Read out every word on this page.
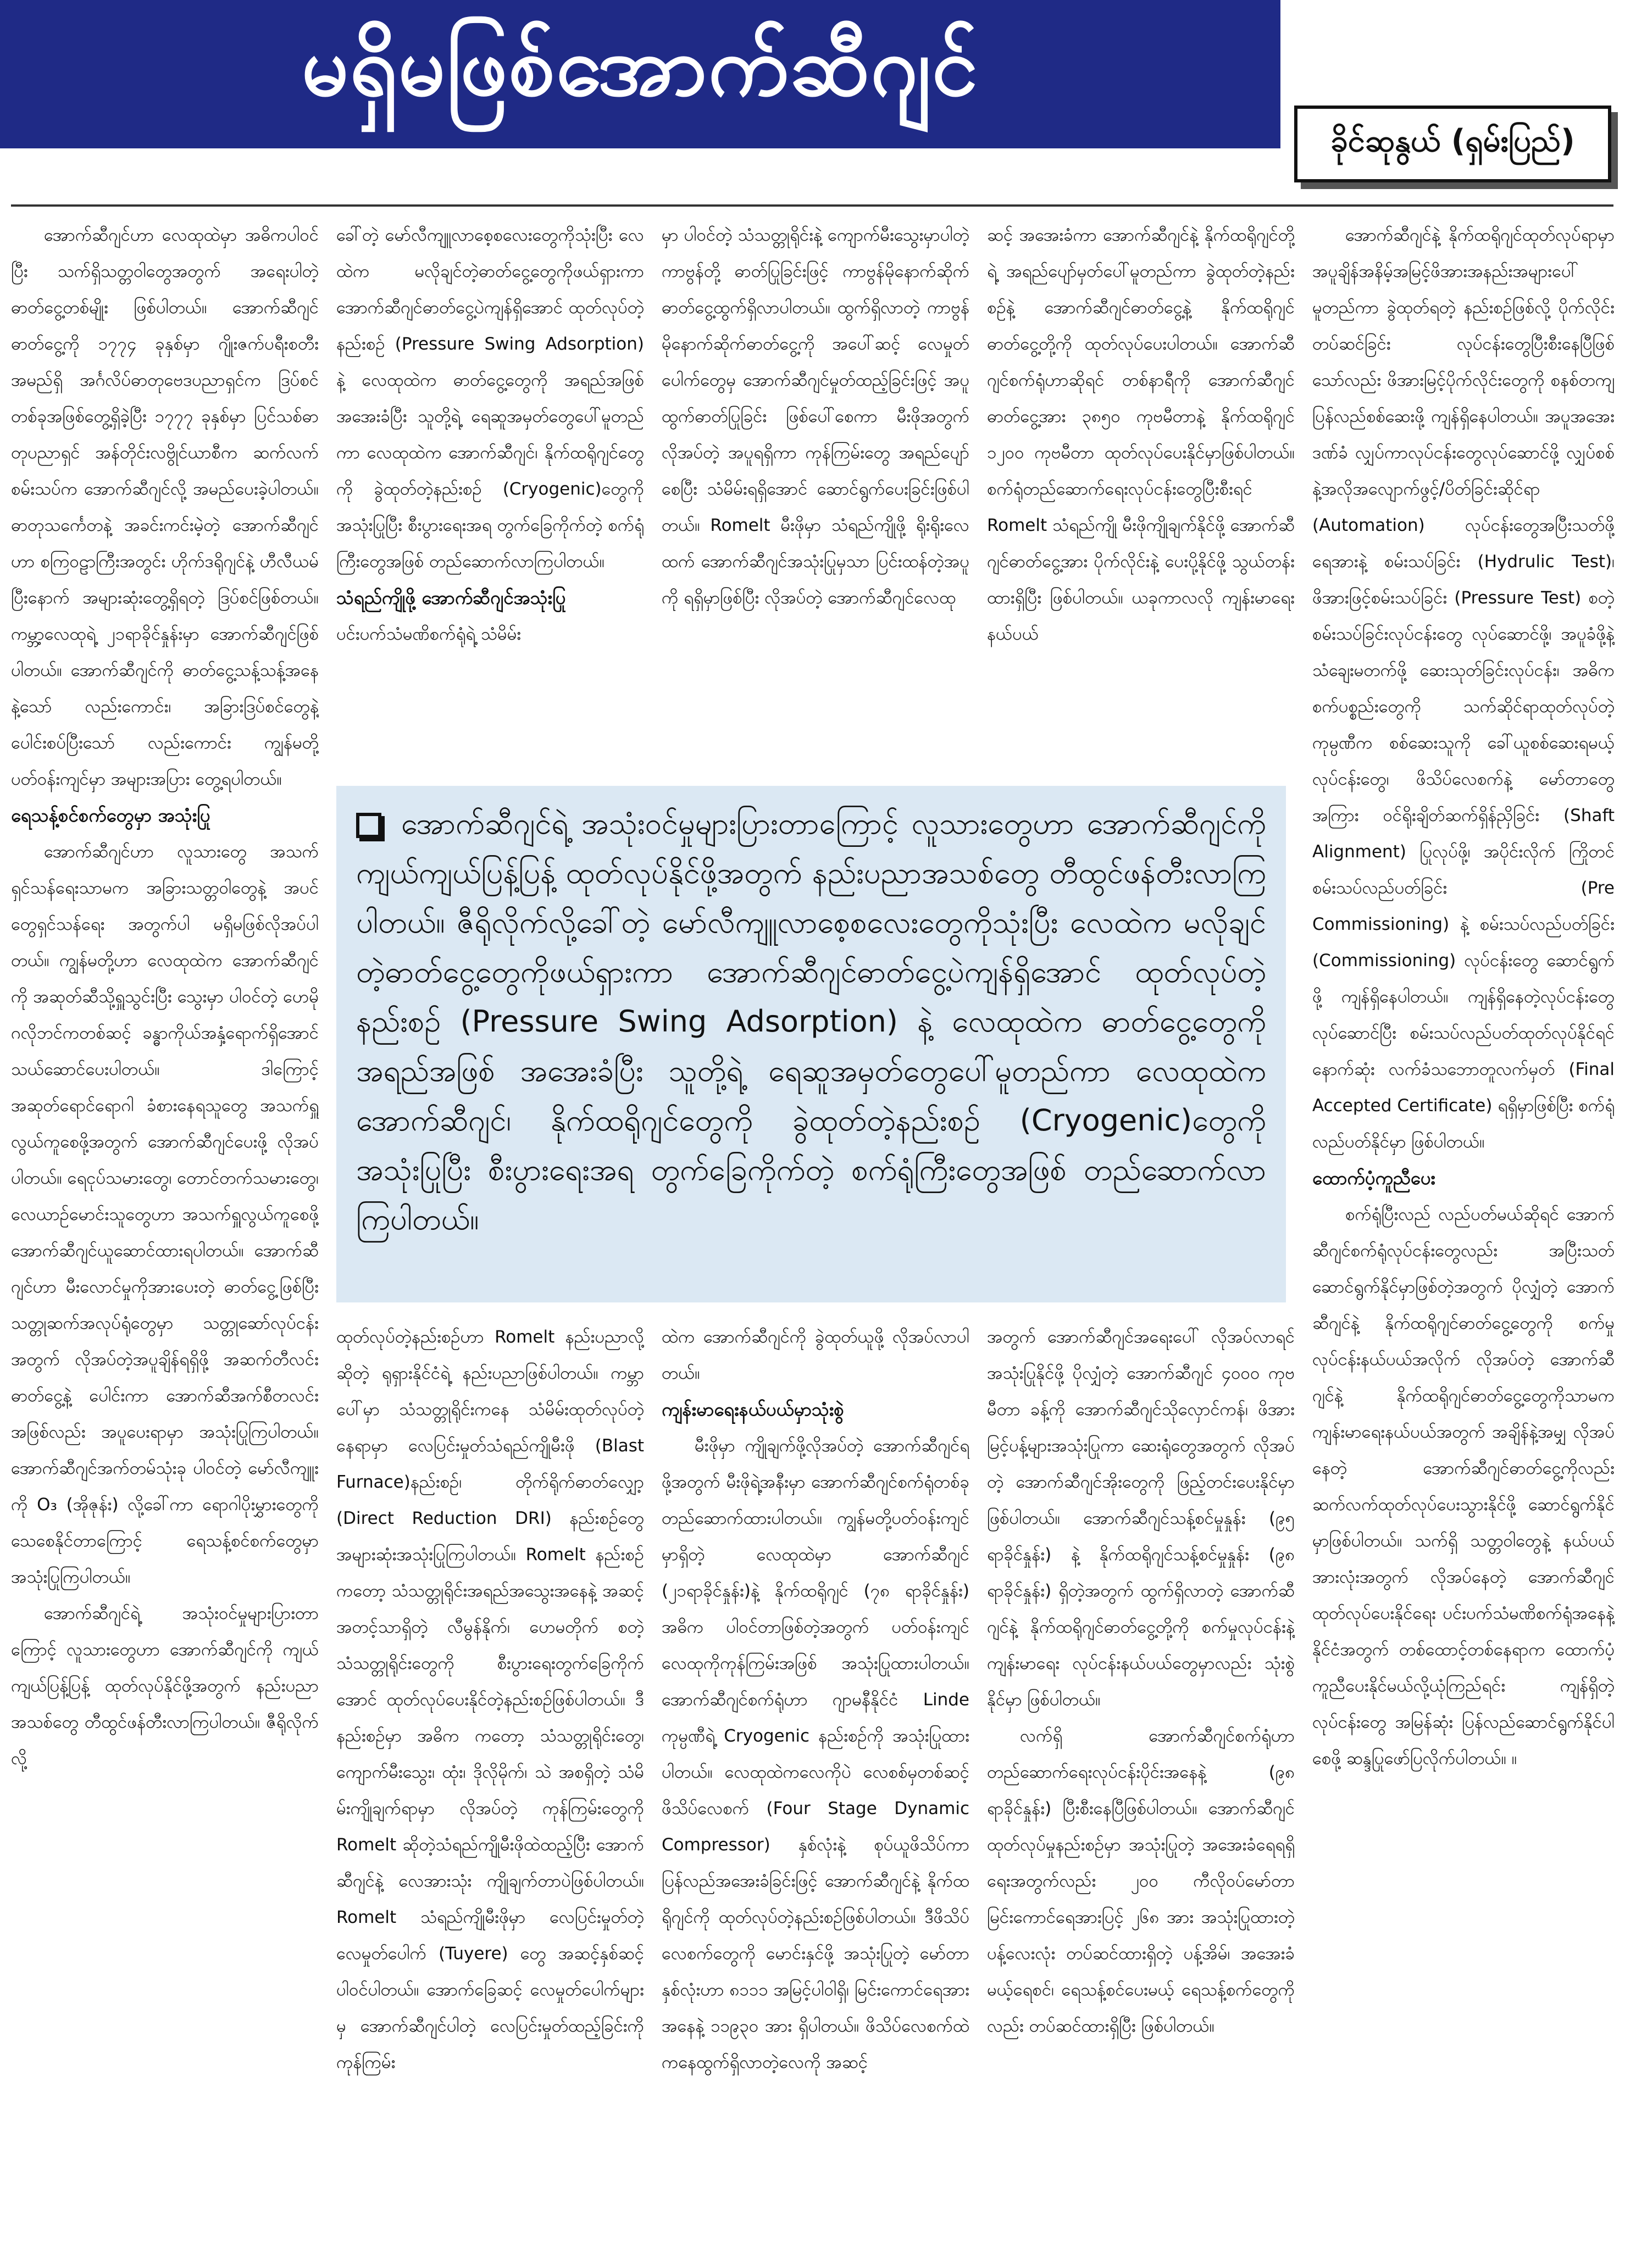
မရှိမဖြစ်အောက်ဆီဂျင်
ခိုင်ဆုနွယ် (ရှမ်းပြည်)

အောက်ဆီဂျင်ဟာ လေထုထဲမှာ အဓိကပါဝင်ပြီး သက်ရှိသတ္တဝါတွေအတွက် အရေးပါတဲ့ ဓာတ်ငွေ့တစ်မျိုး ဖြစ်ပါတယ်။ အောက်ဆီဂျင်ဓာတ်ငွေ့ကို ၁၇၇၄ ခုနှစ်မှာ ဂျိုးဇက်ပရီးစတီး အမည်ရှိ အင်္ဂလိပ်ဓာတုဗေဒပညာရှင်က ဒြပ်စင်တစ်ခုအဖြစ်တွေ့ရှိခဲ့ပြီး ၁၇၇၇ ခုနှစ်မှာ ပြင်သစ်ဓာတုပညာရှင် အန်တိုင်းလဗွိုင်ယာစီက ဆက်လက်စမ်းသပ်က အောက်ဆီဂျင်လို့ အမည်ပေးခဲ့ပါတယ်။ ဓာတုသင်္ကေတနဲ့ အခင်းကင်းမဲ့တဲ့ အောက်ဆီဂျင်ဟာ စကြဝဠာကြီးအတွင်း ဟိုက်ဒရိုဂျင်နဲ့ ဟီလီယမ်ပြီးနောက် အများဆုံးတွေ့ရှိရတဲ့ ဒြပ်စင်ဖြစ်တယ်။ ကမ္ဘာ့လေထုရဲ့ ၂၁ရာခိုင်နှုန်းမှာ အောက်ဆီဂျင်ဖြစ်ပါတယ်။ အောက်ဆီဂျင်ကို ဓာတ်ငွေ့သန့်သန့်အနေနဲ့သော် လည်းကောင်း၊ အခြားဒြပ်စင်တွေနဲ့ ပေါင်းစပ်ပြီးသော် လည်းကောင်း ကျွန်မတို့ပတ်ဝန်းကျင်မှာ အများအပြား တွေ့ရပါတယ်။

ရေသန့်စင်စက်တွေမှာ အသုံးပြု

အောက်ဆီဂျင်ဟာ လူသားတွေ အသက်ရှင်သန်ရေးသာမက အခြားသတ္တဝါတွေနဲ့ အပင်တွေရှင်သန်ရေး အတွက်ပါ မရှိမဖြစ်လိုအပ်ပါတယ်။ ကျွန်မတို့ဟာ လေထုထဲက အောက်ဆီဂျင်ကို အဆုတ်ဆီသို့ရှူသွင်းပြီး သွေးမှာ ပါဝင်တဲ့ ဟေမိုဂလိုဘင်ကတစ်ဆင့် ခန္ဓာကိုယ်အနှံ့ရောက်ရှိအောင် သယ်ဆောင်ပေးပါတယ်။ ဒါကြောင့် အဆုတ်ရောင်ရောဂါ ခံစားနေရသူတွေ အသက်ရှူလွယ်ကူစေဖို့အတွက် အောက်ဆီဂျင်ပေးဖို့ လိုအပ်ပါတယ်။ ရေငုပ်သမားတွေ၊ တောင်တက်သမားတွေ၊ လေယာဉ်မောင်းသူတွေဟာ အသက်ရှူလွယ်ကူစေဖို့ အောက်ဆီဂျင်ယူဆောင်ထားရပါတယ်။ အောက်ဆီဂျင်ဟာ မီးလောင်မှုကိုအားပေးတဲ့ ဓာတ်ငွေ့ဖြစ်ပြီး သတ္တုဆက်အလုပ်ရုံတွေမှာ သတ္တုဆော်လုပ်ငန်းအတွက် လိုအပ်တဲ့အပူချိန်ရရှိဖို့ အဆက်တီလင်းဓာတ်ငွေ့နဲ့ ပေါင်းကာ အောက်ဆီအက်စီတလင်းအဖြစ်လည်း အပူပေးရာမှာ အသုံးပြုကြပါတယ်။ အောက်ဆီဂျင်အက်တမ်သုံးခု ပါဝင်တဲ့ မော်လီကျူးကို O₃ (အိုဇုန်း) လို့ခေါ်ကာ ရောဂါပိုးမွှားတွေကို သေစေနိုင်တာကြောင့် ရေသန့်စင်စက်တွေမှာ အသုံးပြုကြပါတယ်။

အောက်ဆီဂျင်ရဲ့ အသုံးဝင်မှုများပြားတာကြောင့် လူသားတွေဟာ အောက်ဆီဂျင်ကို ကျယ်ကျယ်ပြန့်ပြန့် ထုတ်လုပ်နိုင်ဖို့အတွက် နည်းပညာအသစ်တွေ တီထွင်ဖန်တီးလာကြပါတယ်။ ဇီရိုလိုက်လို့

ခေါ်တဲ့ မော်လီကျူလာစေ့စလေးတွေကိုသုံးပြီး လေထဲက မလိုချင်တဲ့ဓာတ်ငွေ့တွေကိုဖယ်ရှားကာ အောက်ဆီဂျင်ဓာတ်ငွေ့ပဲကျန်ရှိအောင် ထုတ်လုပ်တဲ့နည်းစဉ် (Pressure Swing Adsorption) နဲ့ လေထုထဲက ဓာတ်ငွေ့တွေကို အရည်အဖြစ် အအေးခံပြီး သူတို့ရဲ့ ရေဆူအမှတ်တွေပေါ်မူတည်ကာ လေထုထဲက အောက်ဆီဂျင်၊ နိုက်ထရိုဂျင်တွေကို ခွဲထုတ်တဲ့နည်းစဉ် (Cryogenic)တွေကို အသုံးပြုပြီး စီးပွားရေးအရ တွက်ခြေကိုက်တဲ့ စက်ရုံကြီးတွေအဖြစ် တည်ဆောက်လာကြပါတယ်။

သံရည်ကျိုဖို့ အောက်ဆီဂျင်အသုံးပြု

ပင်းပက်သံမဏိစက်ရုံရဲ့ သံမိမ်း

မှာ ပါဝင်တဲ့ သံသတ္တုရိုင်းနဲ့ ကျောက်မီးသွေးမှာပါတဲ့ ကာဗွန်တို့ ဓာတ်ပြုခြင်းဖြင့် ကာဗွန်မိုနောက်ဆိုက် ဓာတ်ငွေ့ထွက်ရှိလာပါတယ်။ ထွက်ရှိလာတဲ့ ကာဗွန်မိုနောက်ဆိုက်ဓာတ်ငွေ့ကို အပေါ်ဆင့် လေမှုတ်ပေါက်တွေမှ အောက်ဆီဂျင်မှုတ်ထည့်ခြင်းဖြင့် အပူထွက်ဓာတ်ပြုခြင်း ဖြစ်ပေါ်စေကာ မီးဖိုအတွက် လိုအပ်တဲ့ အပူရရှိကာ ကုန်ကြမ်းတွေ အရည်ပျော်စေပြီး သံမိမ်းရရှိအောင် ဆောင်ရွက်ပေးခြင်းဖြစ်ပါတယ်။ Romelt မီးဖိုမှာ သံရည်ကျိုဖို့ ရိုးရိုးလေထက် အောက်ဆီဂျင်အသုံးပြုမှသာ ပြင်းထန်တဲ့အပူကို ရရှိမှာဖြစ်ပြီး လိုအပ်တဲ့ အောက်ဆီဂျင်လေထု

ဆင့် အအေးခံကာ အောက်ဆီဂျင်နဲ့ နိုက်ထရိုဂျင်တို့ရဲ့ အရည်ပျော်မှတ်ပေါ်မူတည်ကာ ခွဲထုတ်တဲ့နည်းစဉ်နဲ့ အောက်ဆီဂျင်ဓာတ်ငွေ့နဲ့ နိုက်ထရိုဂျင်ဓာတ်ငွေ့တို့ကို ထုတ်လုပ်ပေးပါတယ်။ အောက်ဆီဂျင်စက်ရုံဟာဆိုရင် တစ်နာရီကို အောက်ဆီဂျင်ဓာတ်ငွေ့အား ၃၈၅၀ ကုဗမီတာနဲ့ နိုက်ထရိုဂျင် ၁၂၀၀ ကုဗမီတာ ထုတ်လုပ်ပေးနိုင်မှာဖြစ်ပါတယ်။ စက်ရုံတည်ဆောက်ရေးလုပ်ငန်းတွေပြီးစီးရင် Romelt သံရည်ကျို မီးဖိုကျိုချက်နိုင်ဖို့ အောက်ဆီဂျင်ဓာတ်ငွေ့အား ပိုက်လိုင်းနဲ့ ပေးပို့နိုင်ဖို့ သွယ်တန်းထားရှိပြီး ဖြစ်ပါတယ်။ ယခုကာလလို ကျန်းမာရေးနယ်ပယ်

အောက်ဆီဂျင်နဲ့ နိုက်ထရိုဂျင်ထုတ်လုပ်ရာမှာ အပူချိန်အနိမ့်အမြင့်ဖိအားအနည်းအများပေါ် မူတည်ကာ ခွဲထုတ်ရတဲ့ နည်းစဉ်ဖြစ်လို့ ပိုက်လိုင်းတပ်ဆင်ခြင်း လုပ်ငန်းတွေပြီးစီးနေပြီဖြစ်သော်လည်း ဖိအားမြင့်ပိုက်လိုင်းတွေကို စနစ်တကျပြန်လည်စစ်ဆေးဖို့ ကျန်ရှိနေပါတယ်။ အပူအအေးဒဏ်ခံ လျှပ်ကာလုပ်ငန်းတွေလုပ်ဆောင်ဖို့ လျှပ်စစ်နဲ့အလိုအလျောက်ဖွင့်/ပိတ်ခြင်းဆိုင်ရာ (Automation) လုပ်ငန်းတွေအပြီးသတ်ဖို့ ရေအားနဲ့ စမ်းသပ်ခြင်း (Hydrulic Test)၊ ဖိအားဖြင့်စမ်းသပ်ခြင်း (Pressure Test) စတဲ့ စမ်းသပ်ခြင်းလုပ်ငန်းတွေ လုပ်ဆောင်ဖို့၊ အပူခံဖို့နဲ့ သံချေးမတက်ဖို့ ဆေးသုတ်ခြင်းလုပ်ငန်း၊ အဓိကစက်ပစ္စည်းတွေကို သက်ဆိုင်ရာထုတ်လုပ်တဲ့ကုမ္ပဏီက စစ်ဆေးသူကို ခေါ်ယူစစ်ဆေးရမယ့် လုပ်ငန်းတွေ၊ ဖိသိပ်လေစက်နဲ့ မော်တာတွေအကြား ဝင်ရိုးချိတ်ဆက်ရှိန်ညှိခြင်း (Shaft Alignment) ပြုလုပ်ဖို့၊ အပိုင်းလိုက် ကြိုတင် စမ်းသပ်လည်ပတ်ခြင်း (Pre Commissioning) နဲ့ စမ်းသပ်လည်ပတ်ခြင်း (Commissioning) လုပ်ငန်းတွေ ဆောင်ရွက်ဖို့ ကျန်ရှိနေပါတယ်။ ကျန်ရှိနေတဲ့လုပ်ငန်းတွေ လုပ်ဆောင်ပြီး စမ်းသပ်လည်ပတ်ထုတ်လုပ်နိုင်ရင် နောက်ဆုံး လက်ခံသဘောတူလက်မှတ် (Final Accepted Certificate) ရရှိမှာဖြစ်ပြီး စက်ရုံလည်ပတ်နိုင်မှာ ဖြစ်ပါတယ်။

ထောက်ပံ့ကူညီပေး

စက်ရုံပြီးလည် လည်ပတ်မယ်ဆိုရင် အောက်ဆီဂျင်စက်ရုံလုပ်ငန်းတွေလည်း အပြီးသတ်ဆောင်ရွက်နိုင်မှာဖြစ်တဲ့အတွက် ပိုလျှံတဲ့ အောက်ဆီဂျင်နဲ့ နိုက်ထရိုဂျင်ဓာတ်ငွေ့တွေကို စက်မှုလုပ်ငန်းနယ်ပယ်အလိုက် လိုအပ်တဲ့ အောက်ဆီဂျင်နဲ့ နိုက်ထရိုဂျင်ဓာတ်ငွေ့တွေကိုသာမက ကျန်းမာရေးနယ်ပယ်အတွက် အချိန်နဲ့အမျှ လိုအပ်နေတဲ့ အောက်ဆီဂျင်ဓာတ်ငွေ့ကိုလည်း ဆက်လက်ထုတ်လုပ်ပေးသွားနိုင်ဖို့ ဆောင်ရွက်နိုင်မှာဖြစ်ပါတယ်။ သက်ရှိ သတ္တဝါတွေနဲ့ နယ်ပယ်အားလုံးအတွက် လိုအပ်နေတဲ့ အောက်ဆီဂျင်ထုတ်လုပ်ပေးနိုင်ရေး ပင်းပက်သံမဏိစက်ရုံအနေနဲ့ နိုင်ငံအတွက် တစ်ထောင့်တစ်နေရာက ထောက်ပံ့ကူညီပေးနိုင်မယ်လို့ယုံကြည်ရင်း ကျန်ရှိတဲ့ လုပ်ငန်းတွေ အမြန်ဆုံး ပြန်လည်ဆောင်ရွက်နိုင်ပါစေဖို့ ဆန္ဒပြုဖော်ပြလိုက်ပါတယ်။ ။

အောက်ဆီဂျင်ရဲ့ အသုံးဝင်မှုများပြားတာကြောင့် လူသားတွေဟာ အောက်ဆီဂျင်ကို ကျယ်ကျယ်ပြန့်ပြန့် ထုတ်လုပ်နိုင်ဖို့အတွက် နည်းပညာအသစ်တွေ တီထွင်ဖန်တီးလာကြပါတယ်။ ဇီရိုလိုက်လို့ခေါ်တဲ့ မော်လီကျူလာစေ့စလေးတွေကိုသုံးပြီး လေထဲက မလိုချင်တဲ့ဓာတ်ငွေ့တွေကိုဖယ်ရှားကာ အောက်ဆီဂျင်ဓာတ်ငွေ့ပဲကျန်ရှိအောင် ထုတ်လုပ်တဲ့နည်းစဉ် (Pressure Swing Adsorption) နဲ့ လေထုထဲက ဓာတ်ငွေ့တွေကို အရည်အဖြစ် အအေးခံပြီး သူတို့ရဲ့ ရေဆူအမှတ်တွေပေါ်မူတည်ကာ လေထုထဲက အောက်ဆီဂျင်၊ နိုက်ထရိုဂျင်တွေကို ခွဲထုတ်တဲ့နည်းစဉ် (Cryogenic)တွေကို အသုံးပြုပြီး စီးပွားရေးအရ တွက်ခြေကိုက်တဲ့ စက်ရုံကြီးတွေအဖြစ် တည်ဆောက်လာကြပါတယ်။

ထုတ်လုပ်တဲ့နည်းစဉ်ဟာ Romelt နည်းပညာလို့ဆိုတဲ့ ရုရှားနိုင်ငံရဲ့ နည်းပညာဖြစ်ပါတယ်။ ကမ္ဘာပေါ်မှာ သံသတ္တုရိုင်းကနေ သံမိမ်းထုတ်လုပ်တဲ့နေရာမှာ လေပြင်းမှုတ်သံရည်ကျိုမီးဖို (Blast Furnace)နည်းစဉ်၊ တိုက်ရိုက်ဓာတ်လျှော့ (Direct Reduction DRI) နည်းစဉ်တွေ အများဆုံးအသုံးပြုကြပါတယ်။ Romelt နည်းစဉ်ကတော့ သံသတ္တုရိုင်းအရည်အသွေးအနေနဲ့ အဆင့်အတင့်သာရှိတဲ့ လီမွန်နိုက်၊ ဟေမတိုက် စတဲ့သံသတ္တုရိုင်းတွေကို စီးပွားရေးတွက်ခြေကိုက်အောင် ထုတ်လုပ်ပေးနိုင်တဲ့နည်းစဉ်ဖြစ်ပါတယ်။ ဒီနည်းစဉ်မှာ အဓိက ကတော့ သံသတ္တုရိုင်းတွေ၊ ကျောက်မီးသွေး၊ ထုံး၊ ဒိုလိုမိုက်၊ သဲ အစရှိတဲ့ သံမိမ်းကျိုချက်ရာမှာ လိုအပ်တဲ့ ကုန်ကြမ်းတွေကို Romelt ဆိုတဲ့သံရည်ကျိုမီးဖိုထဲထည့်ပြီး အောက်ဆီဂျင်နဲ့ လေအားသုံး ကျိုချက်တာပဲဖြစ်ပါတယ်။ Romelt သံရည်ကျိုမီးဖိုမှာ လေပြင်းမှုတ်တဲ့ လေမှုတ်ပေါက် (Tuyere) တွေ အဆင့်နှစ်ဆင့်ပါဝင်ပါတယ်။ အောက်ခြေဆင့် လေမှုတ်ပေါက်များမှ အောက်ဆီဂျင်ပါတဲ့ လေပြင်းမှုတ်ထည့်ခြင်းကို ကုန်ကြမ်း

ထဲက အောက်ဆီဂျင်ကို ခွဲထုတ်ယူဖို့ လိုအပ်လာပါတယ်။

ကျန်းမာရေးနယ်ပယ်မှာသုံးစွဲ

မီးဖိုမှာ ကျိုချက်ဖို့လိုအပ်တဲ့ အောက်ဆီဂျင်ရဖို့အတွက် မီးဖိုရဲ့အနီးမှာ အောက်ဆီဂျင်စက်ရုံတစ်ခု တည်ဆောက်ထားပါတယ်။ ကျွန်မတို့ပတ်ဝန်းကျင်မှာရှိတဲ့ လေထုထဲမှာ အောက်ဆီဂျင် (၂၁ရာခိုင်နှုန်း)နဲ့ နိုက်ထရိုဂျင် (၇၈ ရာခိုင်နှုန်း) အဓိက ပါဝင်တာဖြစ်တဲ့အတွက် ပတ်ဝန်းကျင်လေထုကိုကုန်ကြမ်းအဖြစ် အသုံးပြုထားပါတယ်။ အောက်ဆီဂျင်စက်ရုံဟာ ဂျာမနီနိုင်ငံ Linde ကုမ္ပဏီရဲ့ Cryogenic နည်းစဉ်ကို အသုံးပြုထားပါတယ်။ လေထုထဲကလေကိုပဲ လေစစ်မှတစ်ဆင့် ဖိသိပ်လေစက် (Four Stage Dynamic Compressor) နှစ်လုံးနဲ့ စုပ်ယူဖိသိပ်ကာ ပြန်လည်အအေးခံခြင်းဖြင့် အောက်ဆီဂျင်နဲ့ နိုက်ထရိုဂျင်ကို ထုတ်လုပ်တဲ့နည်းစဉ်ဖြစ်ပါတယ်။ ဒီဖိသိပ်လေစက်တွေကို မောင်းနှင်ဖို့ အသုံးပြုတဲ့ မော်တာနှစ်လုံးဟာ ၈၁၁၁ အမြင့်ပါဝါရှိ၊ မြင်းကောင်ရေအားအနေနဲ့ ၁၁၉၃၀ အား ရှိပါတယ်။ ဖိသိပ်လေစက်ထဲကနေထွက်ရှိလာတဲ့လေကို အဆင့်

အတွက် အောက်ဆီဂျင်အရေးပေါ် လိုအပ်လာရင် အသုံးပြုနိုင်ဖို့ ပိုလျှံတဲ့ အောက်ဆီဂျင် ၄၀၀၀ ကုဗမီတာ ခန့်ကို အောက်ဆီဂျင်သိုလှောင်ကန်၊ ဖိအားမြင့်ပန့်များအသုံးပြုကာ ဆေးရုံတွေအတွက် လိုအပ်တဲ့ အောက်ဆီဂျင်အိုးတွေကို ဖြည့်တင်းပေးနိုင်မှာ ဖြစ်ပါတယ်။ အောက်ဆီဂျင်သန့်စင်မှုနှုန်း (၉၅ ရာခိုင်နှုန်း) နဲ့ နိုက်ထရိုဂျင်သန့်စင်မှုနှုန်း (၉၈ ရာခိုင်နှုန်း) ရှိတဲ့အတွက် ထွက်ရှိလာတဲ့ အောက်ဆီဂျင်နဲ့ နိုက်ထရိုဂျင်ဓာတ်ငွေ့တို့ကို စက်မှုလုပ်ငန်းနဲ့ ကျန်းမာရေး လုပ်ငန်းနယ်ပယ်တွေမှာလည်း သုံးစွဲနိုင်မှာ ဖြစ်ပါတယ်။

လက်ရှိ အောက်ဆီဂျင်စက်ရုံဟာ တည်ဆောက်ရေးလုပ်ငန်းပိုင်းအနေနဲ့ (၉၈ ရာခိုင်နှုန်း) ပြီးစီးနေပြီဖြစ်ပါတယ်။ အောက်ဆီဂျင်ထုတ်လုပ်မှုနည်းစဉ်မှာ အသုံးပြုတဲ့ အအေးခံရေရရှိရေးအတွက်လည်း ၂၀၀ ကီလိုဝပ်မော်တာ မြင်းကောင်ရေအားပြင့် ၂၆၈ အား အသုံးပြုထားတဲ့ ပန့်လေးလုံး တပ်ဆင်ထားရှိတဲ့ ပန့်အိမ်၊ အအေးခံမယ့်ရေစင်၊ ရေသန့်စင်ပေးမယ့် ရေသန့်စက်တွေကိုလည်း တပ်ဆင်ထားရှိပြီး ဖြစ်ပါတယ်။
